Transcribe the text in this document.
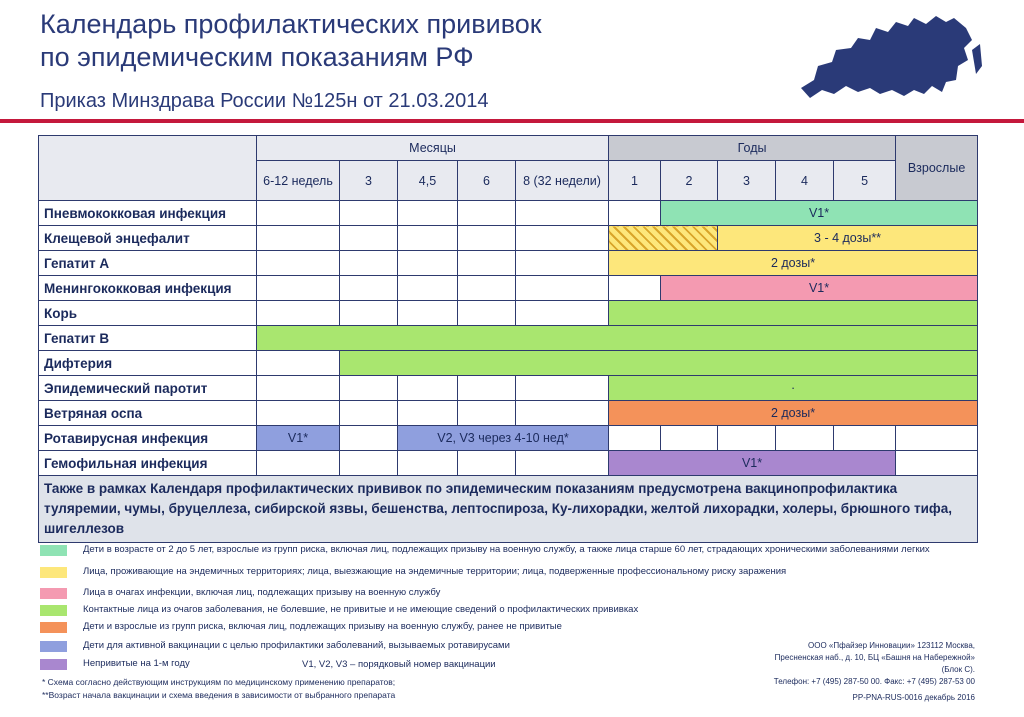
Календарь профилактических прививок
по эпидемическим показаниям РФ
Приказ Минздрава России №125н от 21.03.2014
	Месяцы					Годы					Взрослые
	6-12 недель	3	4,5	6	8 (32 недели)	1	2	3	4	5	
Пневмококковая инфекция							V1*				
Клещевой энцефалит								3 - 4 дозы**			
Гепатит А						2 дозы*					
Менингококковая инфекция							V1*				
Корь											
Гепатит В											
Дифтерия											
Эпидемический паротит						·					
Ветряная оспа						2 дозы*					
Ротавирусная инфекция	V1*		V2, V3 через 4-10 нед*								
Гемофильная инфекция						V1*					
Также в рамках Календаря профилактических прививок по эпидемическим показаниям предусмотрена вакцинопрофилактика туляремии, чумы, бруцеллеза, сибирской язвы, бешенства, лептоспироза, Ку-лихорадки, желтой лихорадки, холеры, брюшного тифа, шигеллезов											
Дети в возрасте от 2 до 5 лет, взрослые из групп риска, включая лиц, подлежащих призыву на военную службу, а также лица старше 60 лет, страдающих хроническими заболеваниями легких
Лица, проживающие на эндемичных территориях; лица, выезжающие на эндемичные территории; лица, подверженные профессиональному риску заражения
Лица в очагах инфекции, включая лиц, подлежащих призыву на военную службу
Контактные лица из очагов заболевания, не болевшие, не привитые и не имеющие сведений о профилактических прививках
Дети и взрослые из групп риска, включая лиц, подлежащих призыву на военную службу, ранее не привитые
Дети для активной вакцинации с целью профилактики заболеваний, вызываемых ротавирусами
Непривитые на 1-м году	V1, V2, V3 – порядковый номер вакцинации
* Схема согласно действующим инструкциям по медицинскому применению препаратов;
**Возраст начала вакцинации и схема введения в зависимости от выбранного препарата
ООО «Пфайзер Инновации» 123112 Москва,
Пресненская наб., д. 10, БЦ «Башня на Набережной» (Блок С).
Телефон: +7 (495) 287-50 00. Факс: +7 (495) 287-53 00
PP-PNA-RUS-0016 декабрь 2016
